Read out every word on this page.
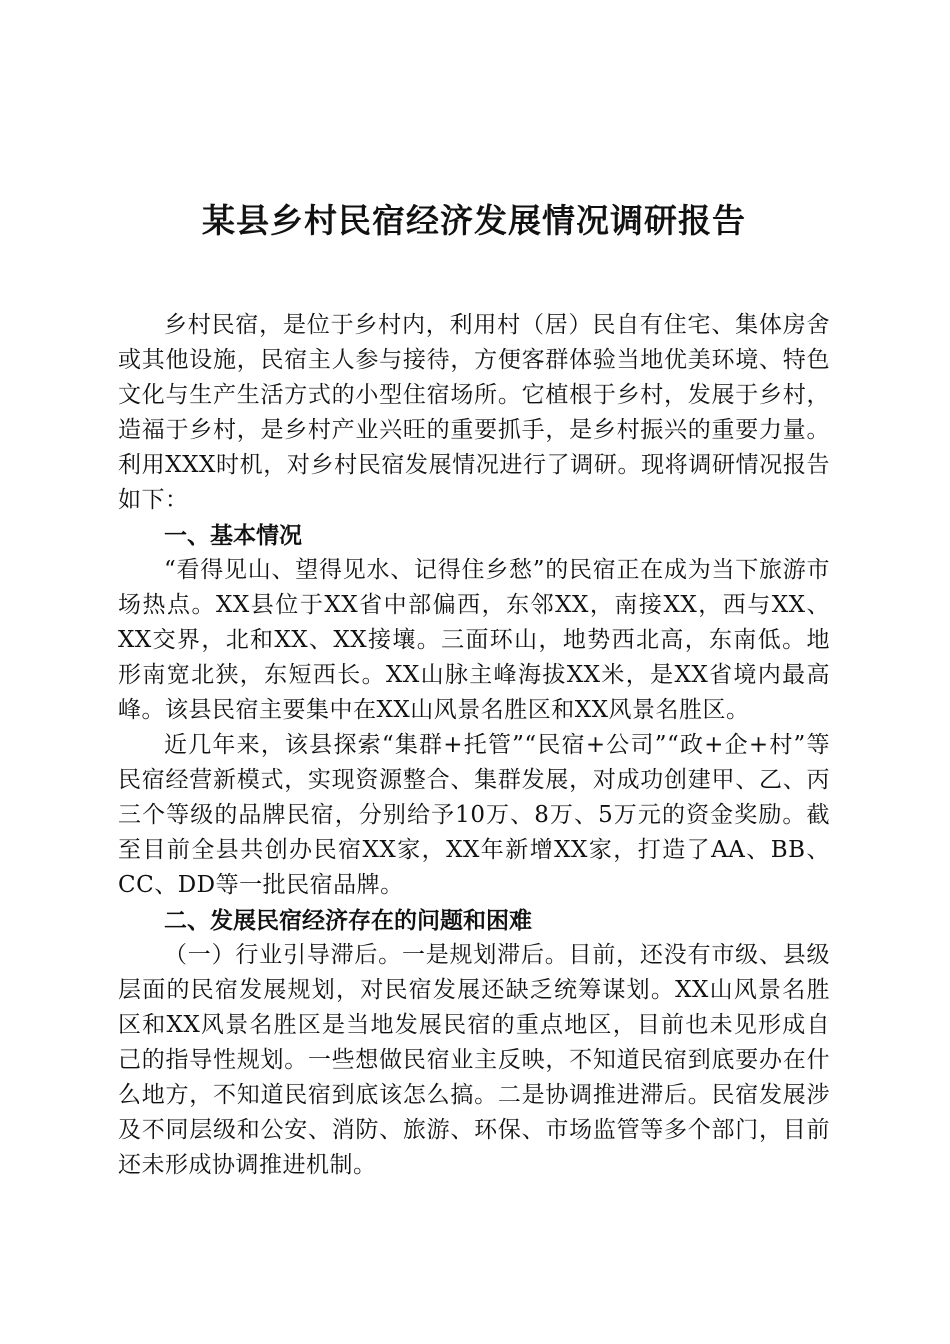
某县乡村民宿经济发展情况调研报告

乡村民宿，是位于乡村内，利用村（居）民自有住宅、集体房舍或其他设施，民宿主人参与接待，方便客群体验当地优美环境、特色文化与生产生活方式的小型住宿场所。它植根于乡村，发展于乡村，造福于乡村，是乡村产业兴旺的重要抓手，是乡村振兴的重要力量。利用XXX时机，对乡村民宿发展情况进行了调研。现将调研情况报告如下：

一、基本情况

“看得见山、望得见水、记得住乡愁”的民宿正在成为当下旅游市场热点。XX县位于XX省中部偏西，东邻XX，南接XX，西与XX、XX交界，北和XX、XX接壤。三面环山，地势西北高，东南低。地形南宽北狭，东短西长。XX山脉主峰海拔XX米，是XX省境内最高峰。该县民宿主要集中在XX山风景名胜区和XX风景名胜区。

近几年来，该县探索“集群+托管”“民宿+公司”“政+企+村”等民宿经营新模式，实现资源整合、集群发展，对成功创建甲、乙、丙三个等级的品牌民宿，分别给予10万、8万、5万元的资金奖励。截至目前全县共创办民宿XX家，XX年新增XX家，打造了AA、BB、CC、DD等一批民宿品牌。

二、发展民宿经济存在的问题和困难

（一）行业引导滞后。一是规划滞后。目前，还没有市级、县级层面的民宿发展规划，对民宿发展还缺乏统筹谋划。XX山风景名胜区和XX风景名胜区是当地发展民宿的重点地区，目前也未见形成自己的指导性规划。一些想做民宿业主反映，不知道民宿到底要办在什么地方，不知道民宿到底该怎么搞。二是协调推进滞后。民宿发展涉及不同层级和公安、消防、旅游、环保、市场监管等多个部门，目前还未形成协调推进机制。
